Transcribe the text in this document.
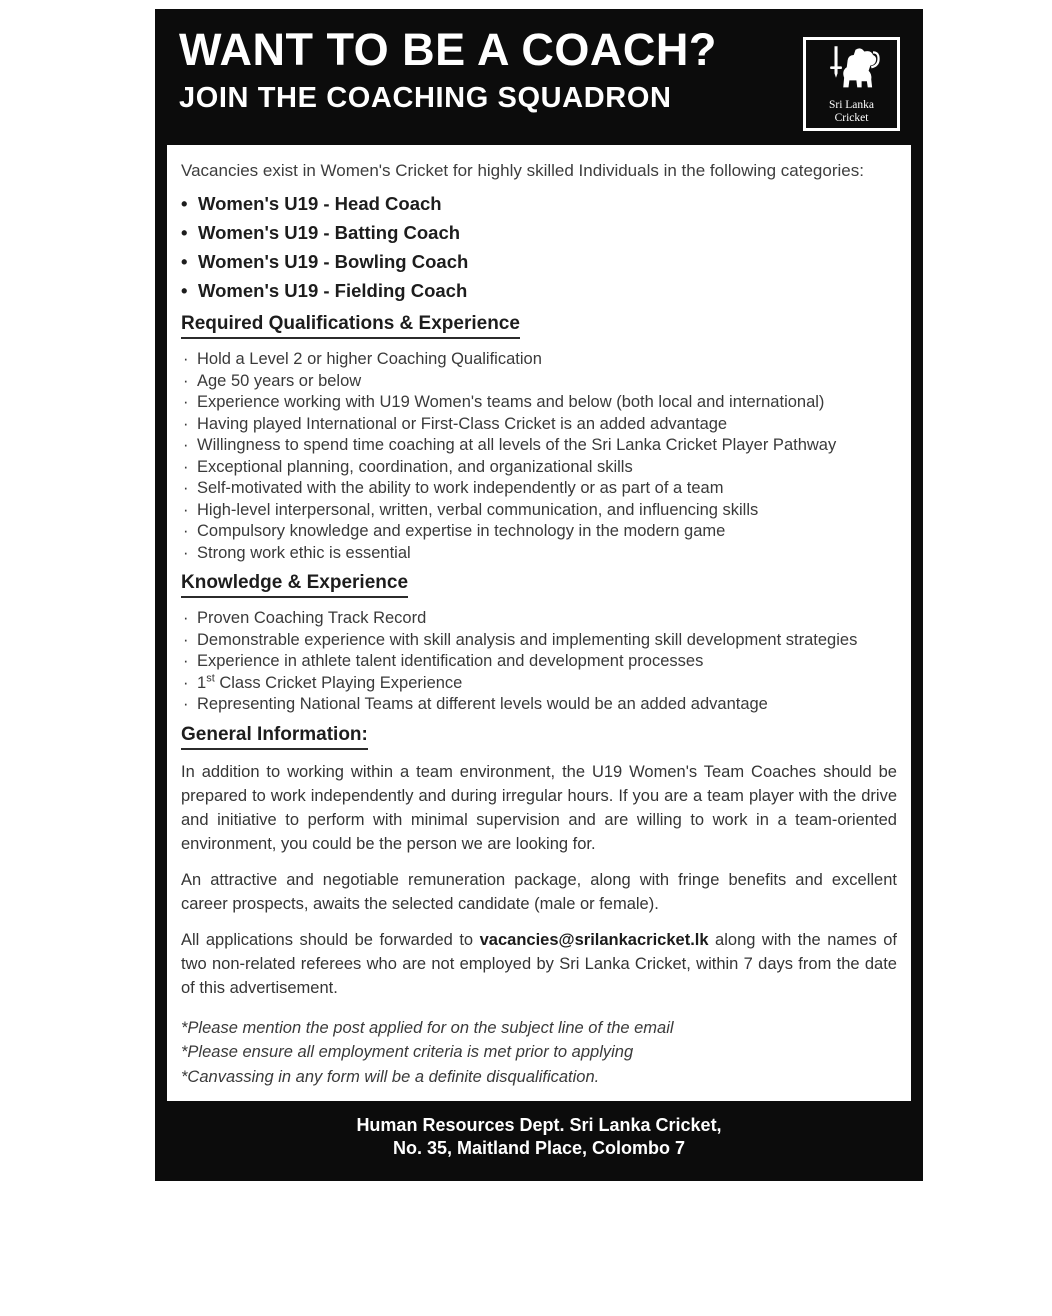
WANT TO BE A COACH?
JOIN THE COACHING SQUADRON	Sri Lanka
Cricket

Vacancies exist in Women's Cricket for highly skilled Individuals in the following categories:

• Women's U19 - Head Coach
• Women's U19 - Batting Coach
• Women's U19 - Bowling Coach
• Women's U19 - Fielding Coach
Required Qualifications & Experience
· Hold a Level 2 or higher Coaching Qualification
· Age 50 years or below
· Experience working with U19 Women's teams and below (both local and international)
· Having played International or First-Class Cricket is an added advantage
· Willingness to spend time coaching at all levels of the Sri Lanka Cricket Player Pathway
· Exceptional planning, coordination, and organizational skills
· Self-motivated with the ability to work independently or as part of a team
· High-level interpersonal, written, verbal communication, and influencing skills
· Compulsory knowledge and expertise in technology in the modern game
· Strong work ethic is essential
Knowledge & Experience
· Proven Coaching Track Record
· Demonstrable experience with skill analysis and implementing skill development strategies
· Experience in athlete talent identification and development processes
· 1st Class Cricket Playing Experience
· Representing National Teams at different levels would be an added advantage
General Information:

In addition to working within a team environment, the U19 Women's Team Coaches should be prepared to work independently and during irregular hours. If you are a team player with the drive and initiative to perform with minimal supervision and are willing to work in a team-oriented environment, you could be the person we are looking for.

An attractive and negotiable remuneration package, along with fringe benefits and excellent career prospects, awaits the selected candidate (male or female).

All applications should be forwarded to vacancies@srilankacricket.lk along with the names of two non-related referees who are not employed by Sri Lanka Cricket, within 7 days from the date of this advertisement.

*Please mention the post applied for on the subject line of the email

*Please ensure all employment criteria is met prior to applying

*Canvassing in any form will be a definite disqualification.

Human Resources Dept. Sri Lanka Cricket,
No. 35, Maitland Place, Colombo 7
